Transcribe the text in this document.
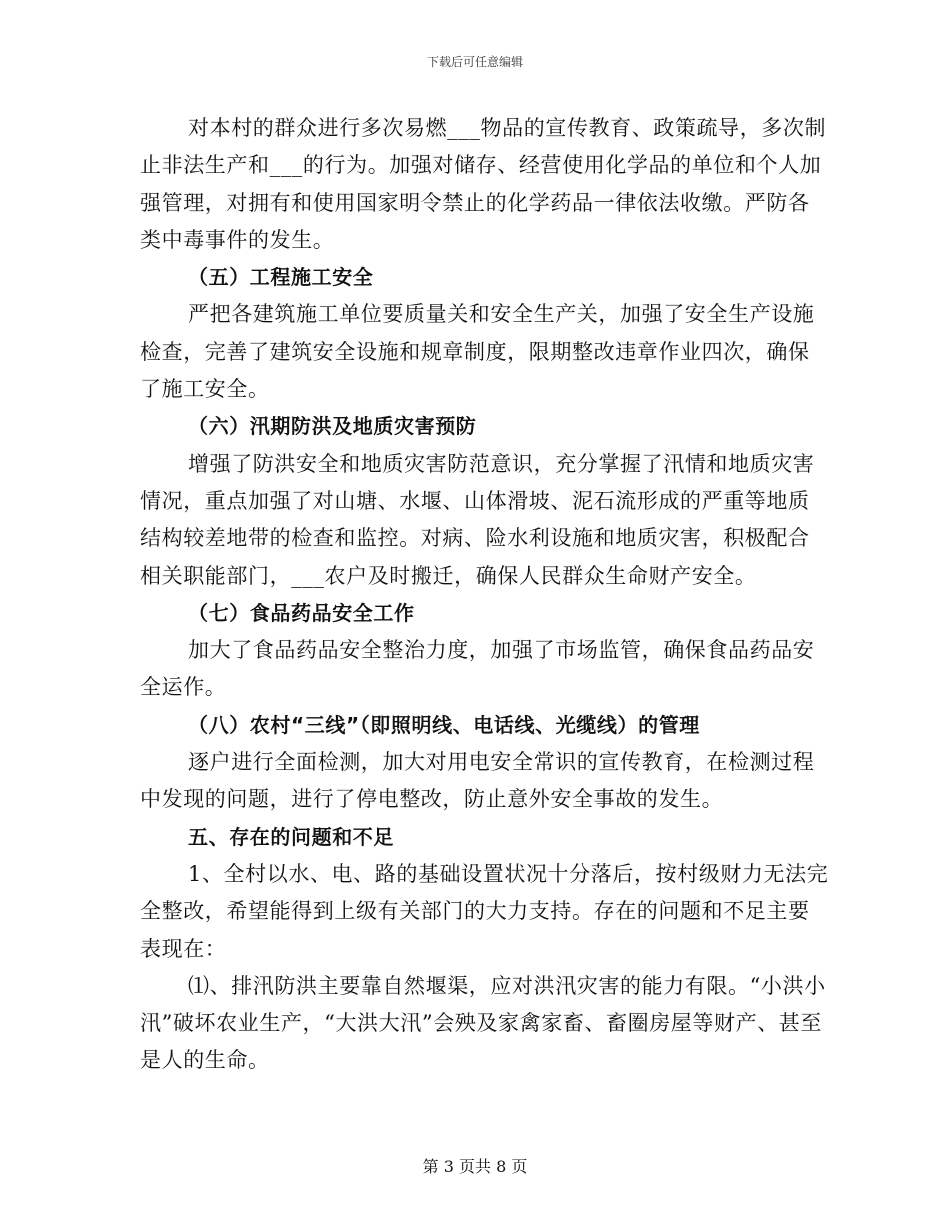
下载后可任意编辑

对本村的群众进行多次易燃___物品的宣传教育、政策疏导，多次制止非法生产和___的行为。加强对储存、经营使用化学品的单位和个人加强管理，对拥有和使用国家明令禁止的化学药品一律依法收缴。严防各类中毒事件的发生。

（五）工程施工安全

严把各建筑施工单位要质量关和安全生产关，加强了安全生产设施检查，完善了建筑安全设施和规章制度，限期整改违章作业四次，确保了施工安全。

（六）汛期防洪及地质灾害预防

增强了防洪安全和地质灾害防范意识，充分掌握了汛情和地质灾害情况，重点加强了对山塘、水堰、山体滑坡、泥石流形成的严重等地质结构较差地带的检查和监控。对病、险水利设施和地质灾害，积极配合相关职能部门，___农户及时搬迁，确保人民群众生命财产安全。

（七）食品药品安全工作

加大了食品药品安全整治力度，加强了市场监管，确保食品药品安全运作。

（八）农村“三线”（即照明线、电话线、光缆线）的管理

逐户进行全面检测，加大对用电安全常识的宣传教育，在检测过程中发现的问题，进行了停电整改，防止意外安全事故的发生。

五、存在的问题和不足

1、全村以水、电、路的基础设置状况十分落后，按村级财力无法完全整改，希望能得到上级有关部门的大力支持。存在的问题和不足主要表现在：

⑴、排汛防洪主要靠自然堰渠，应对洪汛灾害的能力有限。“小洪小汛”破坏农业生产，“大洪大汛”会殃及家禽家畜、畜圈房屋等财产、甚至是人的生命。

第 3 页共 8 页
